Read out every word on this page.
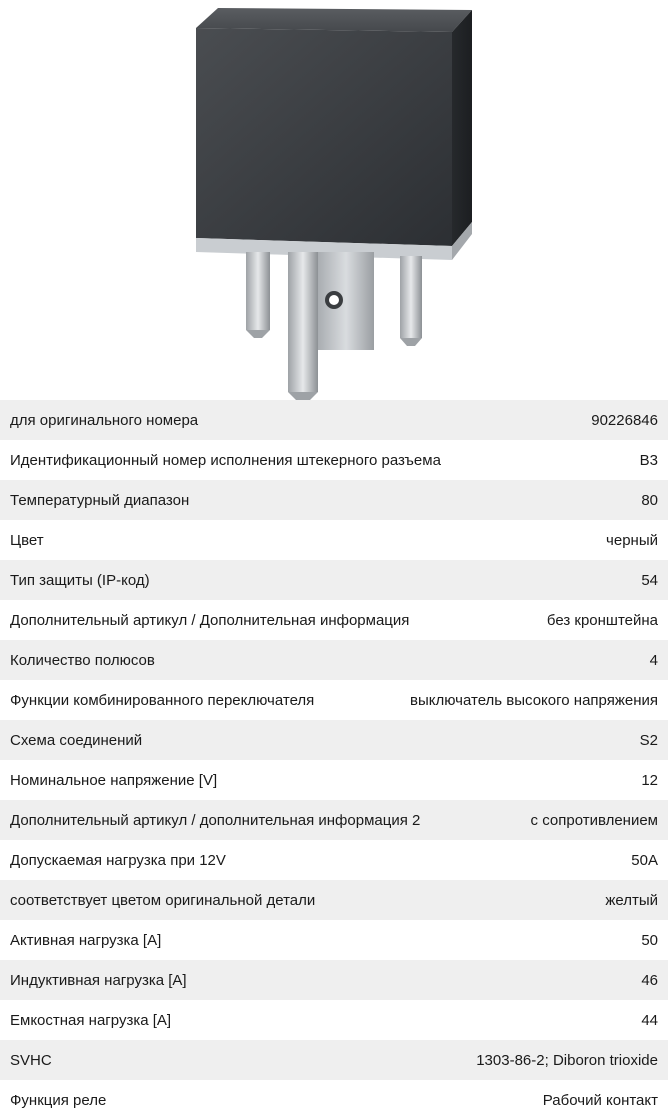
для оригинального номера	90226846
Идентификационный номер исполнения штекерного разъема	B3
Температурный диапазон	80
Цвет	черный
Тип защиты (IP-код)	54
Дополнительный артикул / Дополнительная информация	без кронштейна
Количество полюсов	4
Функции комбинированного переключателя	выключатель высокого напряжения
Схема соединений	S2
Номинальное напряжение [V]	12
Дополнительный артикул / дополнительная информация 2	с сопротивлением
Допускаемая нагрузка при 12V	50A
соответствует цветом оригинальной детали	желтый
Активная нагрузка [A]	50
Индуктивная нагрузка [A]	46
Емкостная нагрузка [A]	44
SVHC	1303-86-2; Diboron trioxide
Функция реле	Рабочий контакт
